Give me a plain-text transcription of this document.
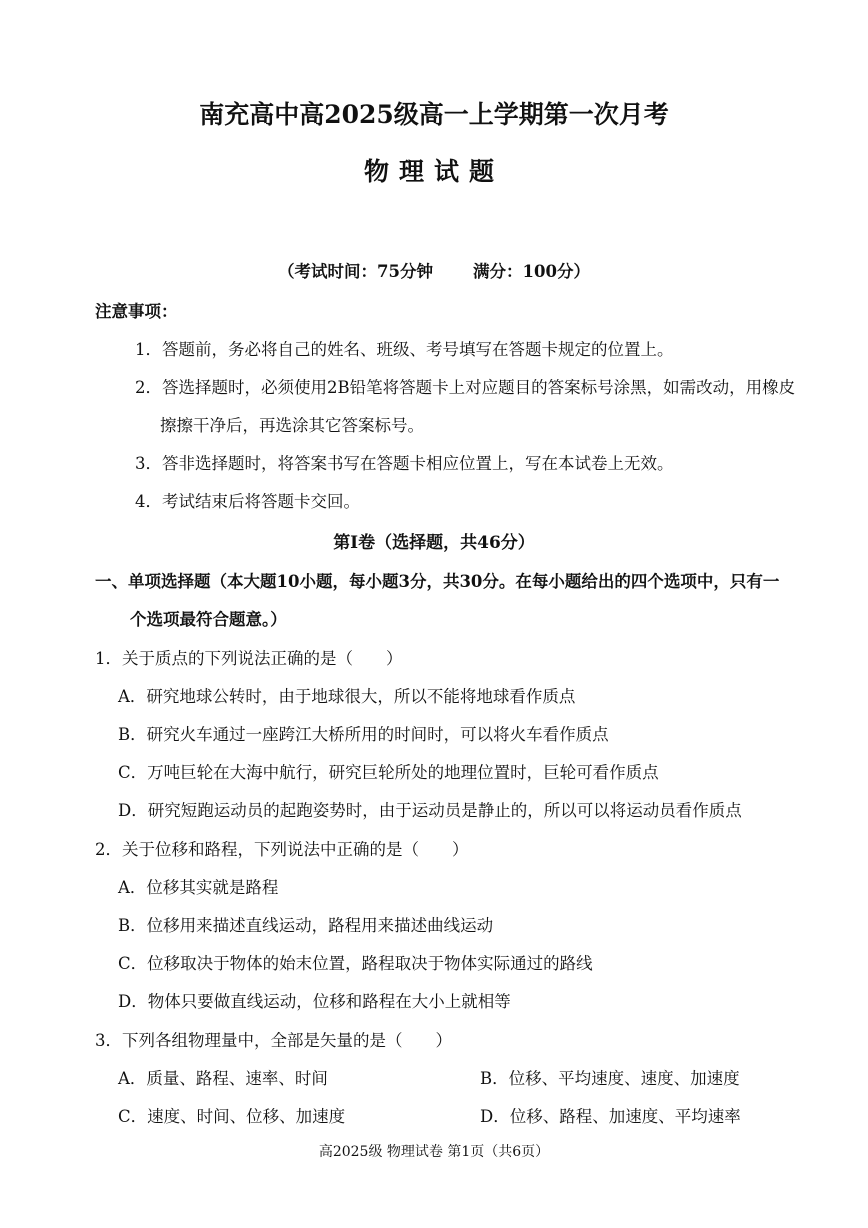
南充高中高2025级高一上学期第一次月考
物理试题
（考试时间：75分钟 满分：100分）
注意事项：
1．答题前，务必将自己的姓名、班级、考号填写在答题卡规定的位置上。
2．答选择题时，必须使用2B铅笔将答题卡上对应题目的答案标号涂黑，如需改动，用橡皮
擦擦干净后，再选涂其它答案标号。
3．答非选择题时，将答案书写在答题卡相应位置上，写在本试卷上无效。
4．考试结束后将答题卡交回。
第Ⅰ卷（选择题，共46分）
一、单项选择题（本大题10小题，每小题3分，共30分。在每小题给出的四个选项中，只有一
个选项最符合题意。）
1．关于质点的下列说法正确的是（　　）
A．研究地球公转时，由于地球很大，所以不能将地球看作质点
B．研究火车通过一座跨江大桥所用的时间时，可以将火车看作质点
C．万吨巨轮在大海中航行，研究巨轮所处的地理位置时，巨轮可看作质点
D．研究短跑运动员的起跑姿势时，由于运动员是静止的，所以可以将运动员看作质点
2．关于位移和路程，下列说法中正确的是（　　）
A．位移其实就是路程
B．位移用来描述直线运动，路程用来描述曲线运动
C．位移取决于物体的始末位置，路程取决于物体实际通过的路线
D．物体只要做直线运动，位移和路程在大小上就相等
3．下列各组物理量中，全部是矢量的是（　　）
A．质量、路程、速率、时间	B．位移、平均速度、速度、加速度
C．速度、时间、位移、加速度	D．位移、路程、加速度、平均速率
高2025级 物理试卷 第1页（共6页）
